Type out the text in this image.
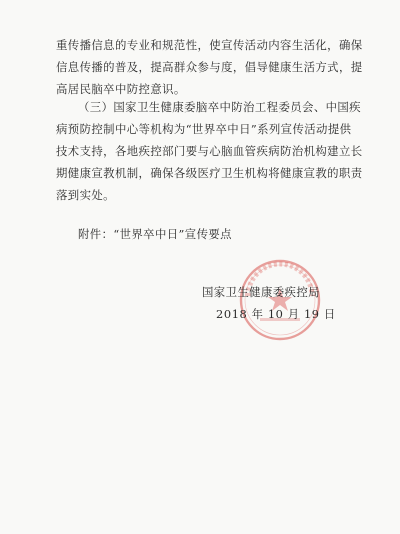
重传播信息的专业和规范性，使宣传活动内容生活化，确保
信息传播的普及，提高群众参与度，倡导健康生活方式，提
高居民脑卒中防控意识。
（三）国家卫生健康委脑卒中防治工程委员会、中国疾
病预防控制中心等机构为“世界卒中日”系列宣传活动提供
技术支持，各地疾控部门要与心脑血管疾病防治机构建立长
期健康宣教机制，确保各级医疗卫生机构将健康宣教的职责
落到实处。
附件：“世界卒中日”宣传要点
国家卫生健康委疾控局
2018 年 10 月 19 日
